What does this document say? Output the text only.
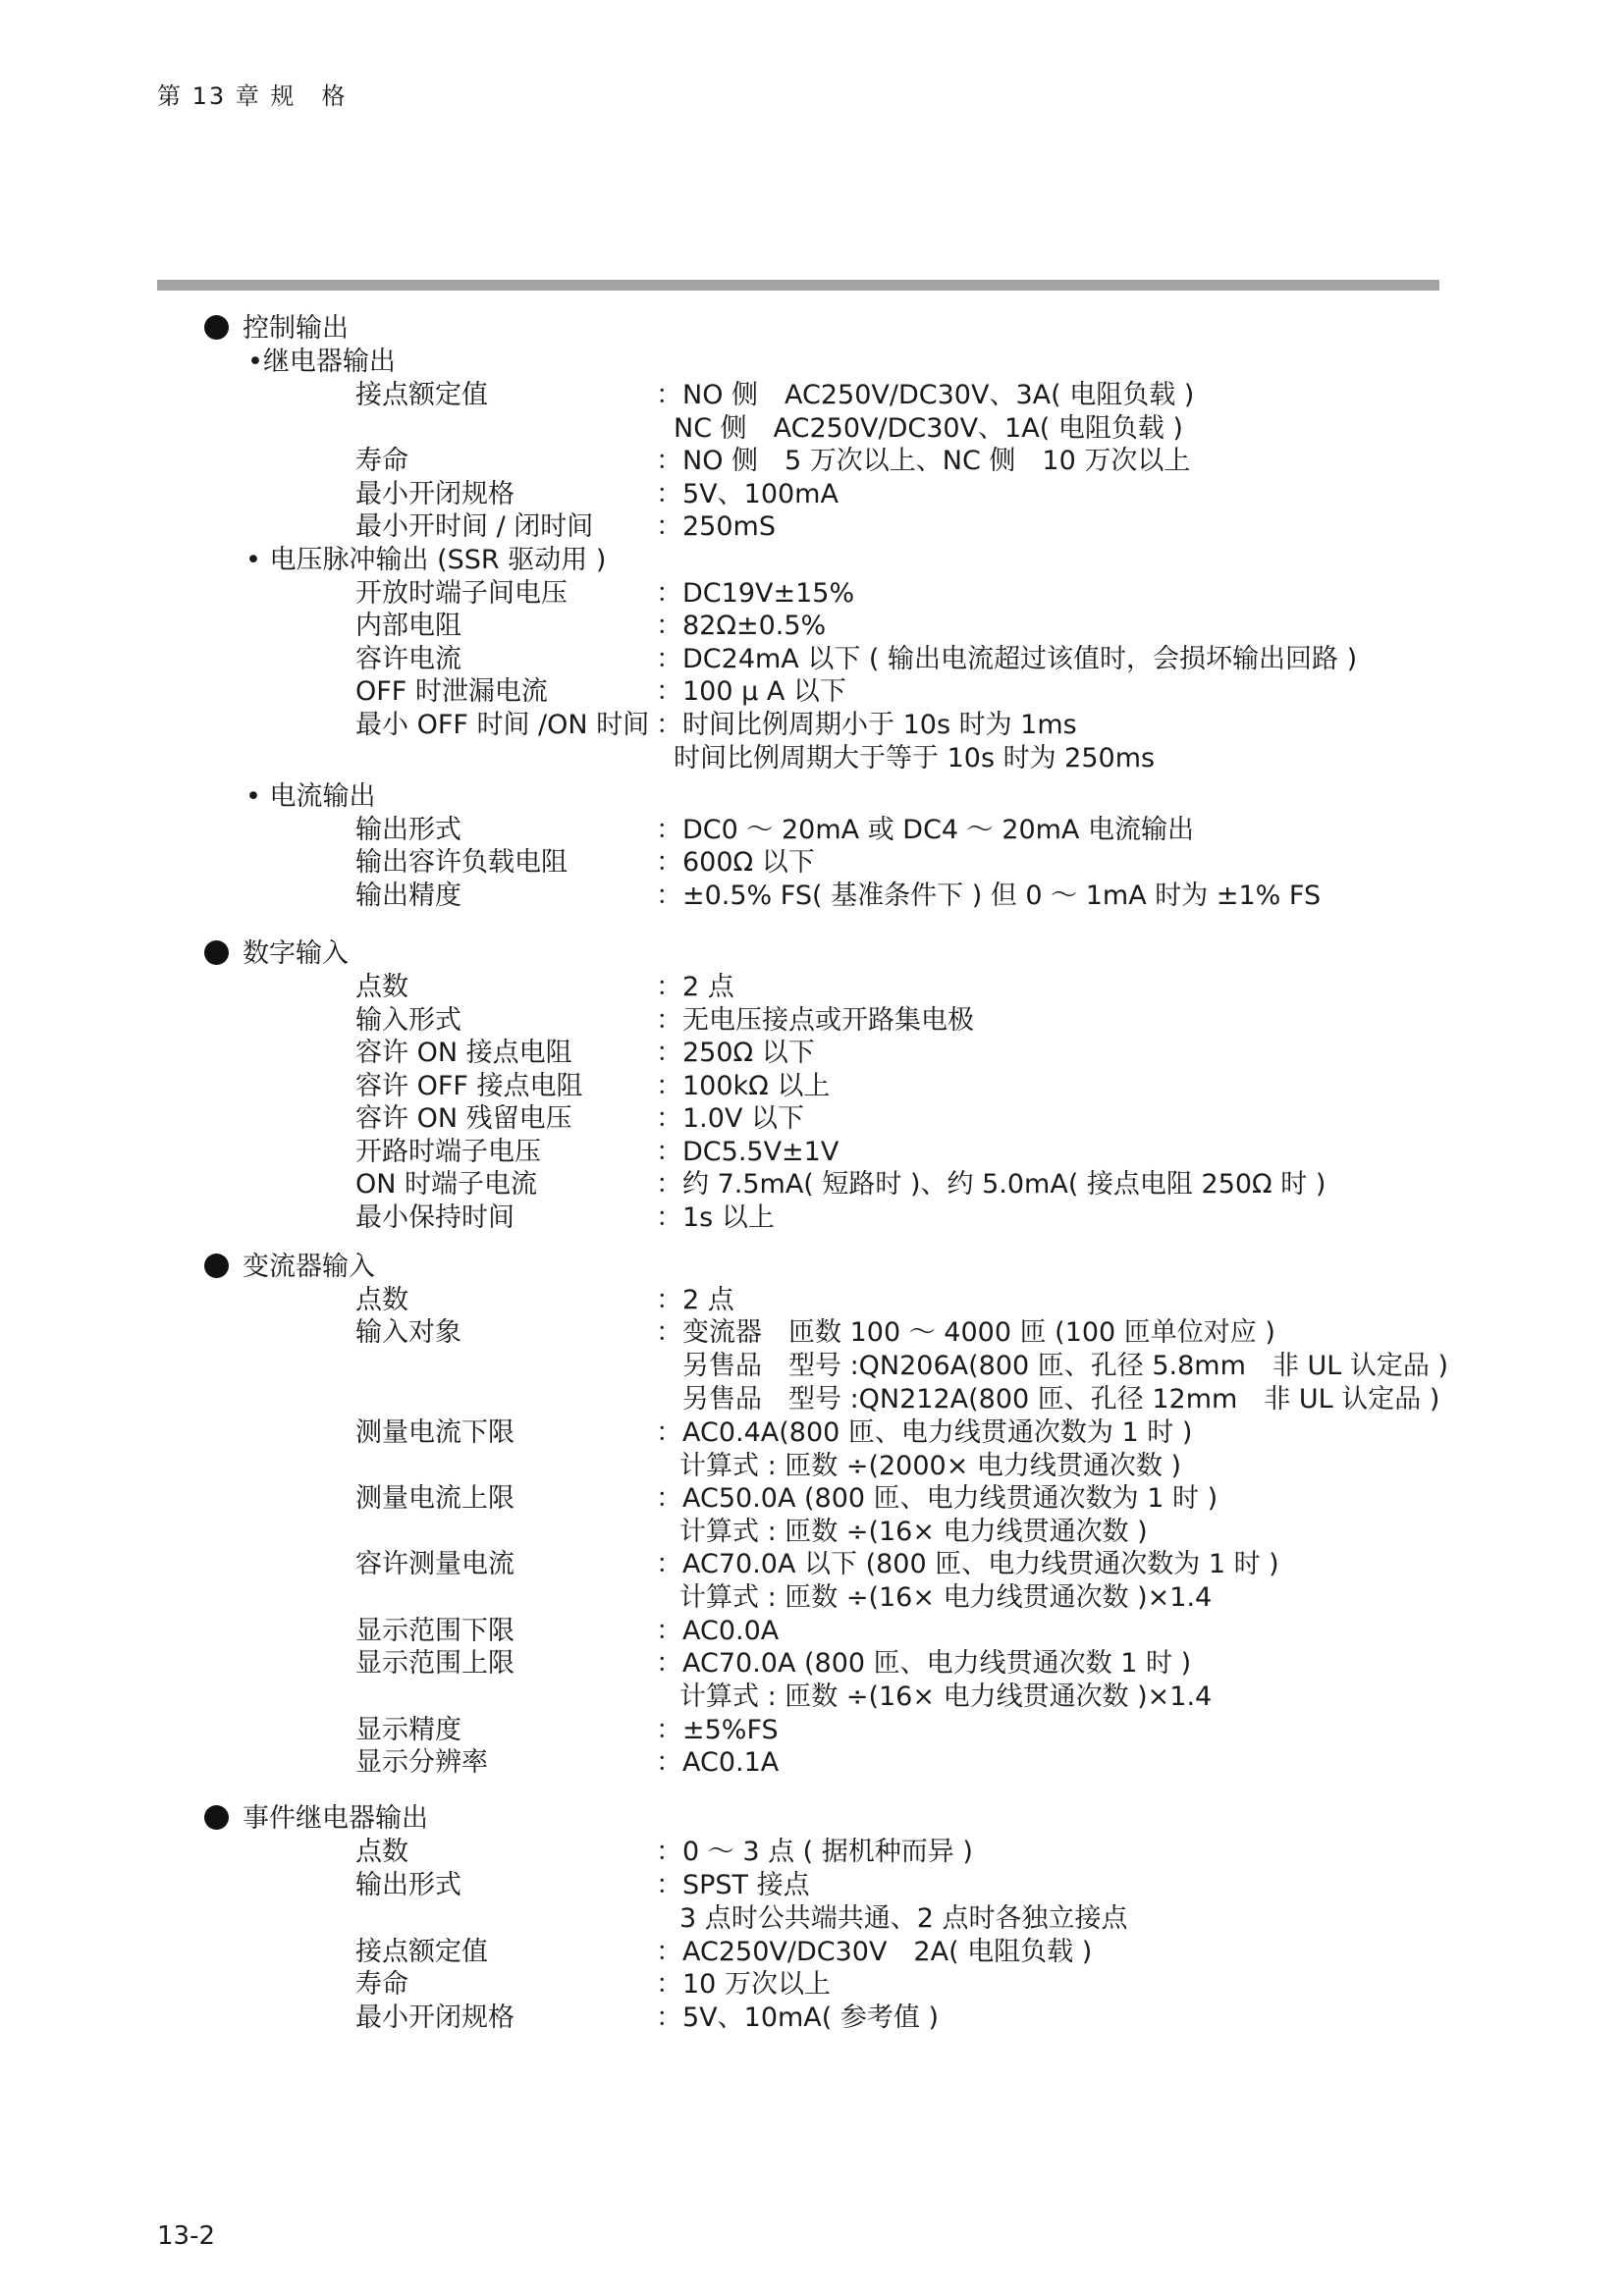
第 13 章 规　格
控制输出
•继电器输出
接点额定值	：NO 侧　AC250V/DC30V、3A( 电阻负载 )
NC 侧　AC250V/DC30V、1A( 电阻负载 )
寿命	：NO 侧　5 万次以上、NC 侧　10 万次以上
最小开闭规格	：5V、100mA
最小开时间 / 闭时间 ：250mS
• 电压脉冲输出 (SSR 驱动用 )
开放时端子间电压	：DC19V±15%
内部电阻	：82Ω±0.5%
容许电流	：DC24mA 以下 ( 输出电流超过该值时，会损坏输出回路 )
OFF 时泄漏电流	：100 μ A 以下
最小 OFF 时间 /ON 时间 ：时间比例周期小于 10s 时为 1ms
时间比例周期大于等于 10s 时为 250ms
• 电流输出
输出形式	：DC0 ～ 20mA 或 DC4 ～ 20mA 电流输出
输出容许负载电阻	：600Ω 以下
输出精度	：±0.5% FS( 基准条件下 ) 但 0 ～ 1mA 时为 ±1% FS
数字输入
点数	：2 点
输入形式	：无电压接点或开路集电极
容许 ON 接点电阻	：250Ω 以下
容许 OFF 接点电阻	：100kΩ 以上
容许 ON 残留电压	：1.0V 以下
开路时端子电压	：DC5.5V±1V
ON 时端子电流	：约 7.5mA( 短路时 )、约 5.0mA( 接点电阻 250Ω 时 )
最小保持时间	：1s 以上
变流器输入
点数	：2 点
输入对象	：变流器　匝数 100 ～ 4000 匝 (100 匝单位对应 )
另售品　型号 :QN206A(800 匝、孔径 5.8mm　非 UL 认定品 )
另售品　型号 :QN212A(800 匝、孔径 12mm　非 UL 认定品 )
测量电流下限	：AC0.4A(800 匝、电力线贯通次数为 1 时 )
计算式 : 匝数 ÷(2000× 电力线贯通次数 )
测量电流上限	：AC50.0A (800 匝、电力线贯通次数为 1 时 )
计算式 : 匝数 ÷(16× 电力线贯通次数 )
容许测量电流	：AC70.0A 以下 (800 匝、电力线贯通次数为 1 时 )
计算式 : 匝数 ÷(16× 电力线贯通次数 )×1.4
显示范围下限	：AC0.0A
显示范围上限	：AC70.0A (800 匝、电力线贯通次数 1 时 )
计算式 : 匝数 ÷(16× 电力线贯通次数 )×1.4
显示精度	：±5%FS
显示分辨率	：AC0.1A
事件继电器输出
点数	：0 ～ 3 点 ( 据机种而异 )
输出形式	：SPST 接点
3 点时公共端共通、2 点时各独立接点
接点额定值	：AC250V/DC30V　2A( 电阻负载 )
寿命	：10 万次以上
最小开闭规格	：5V、10mA( 参考值 )
13-2
